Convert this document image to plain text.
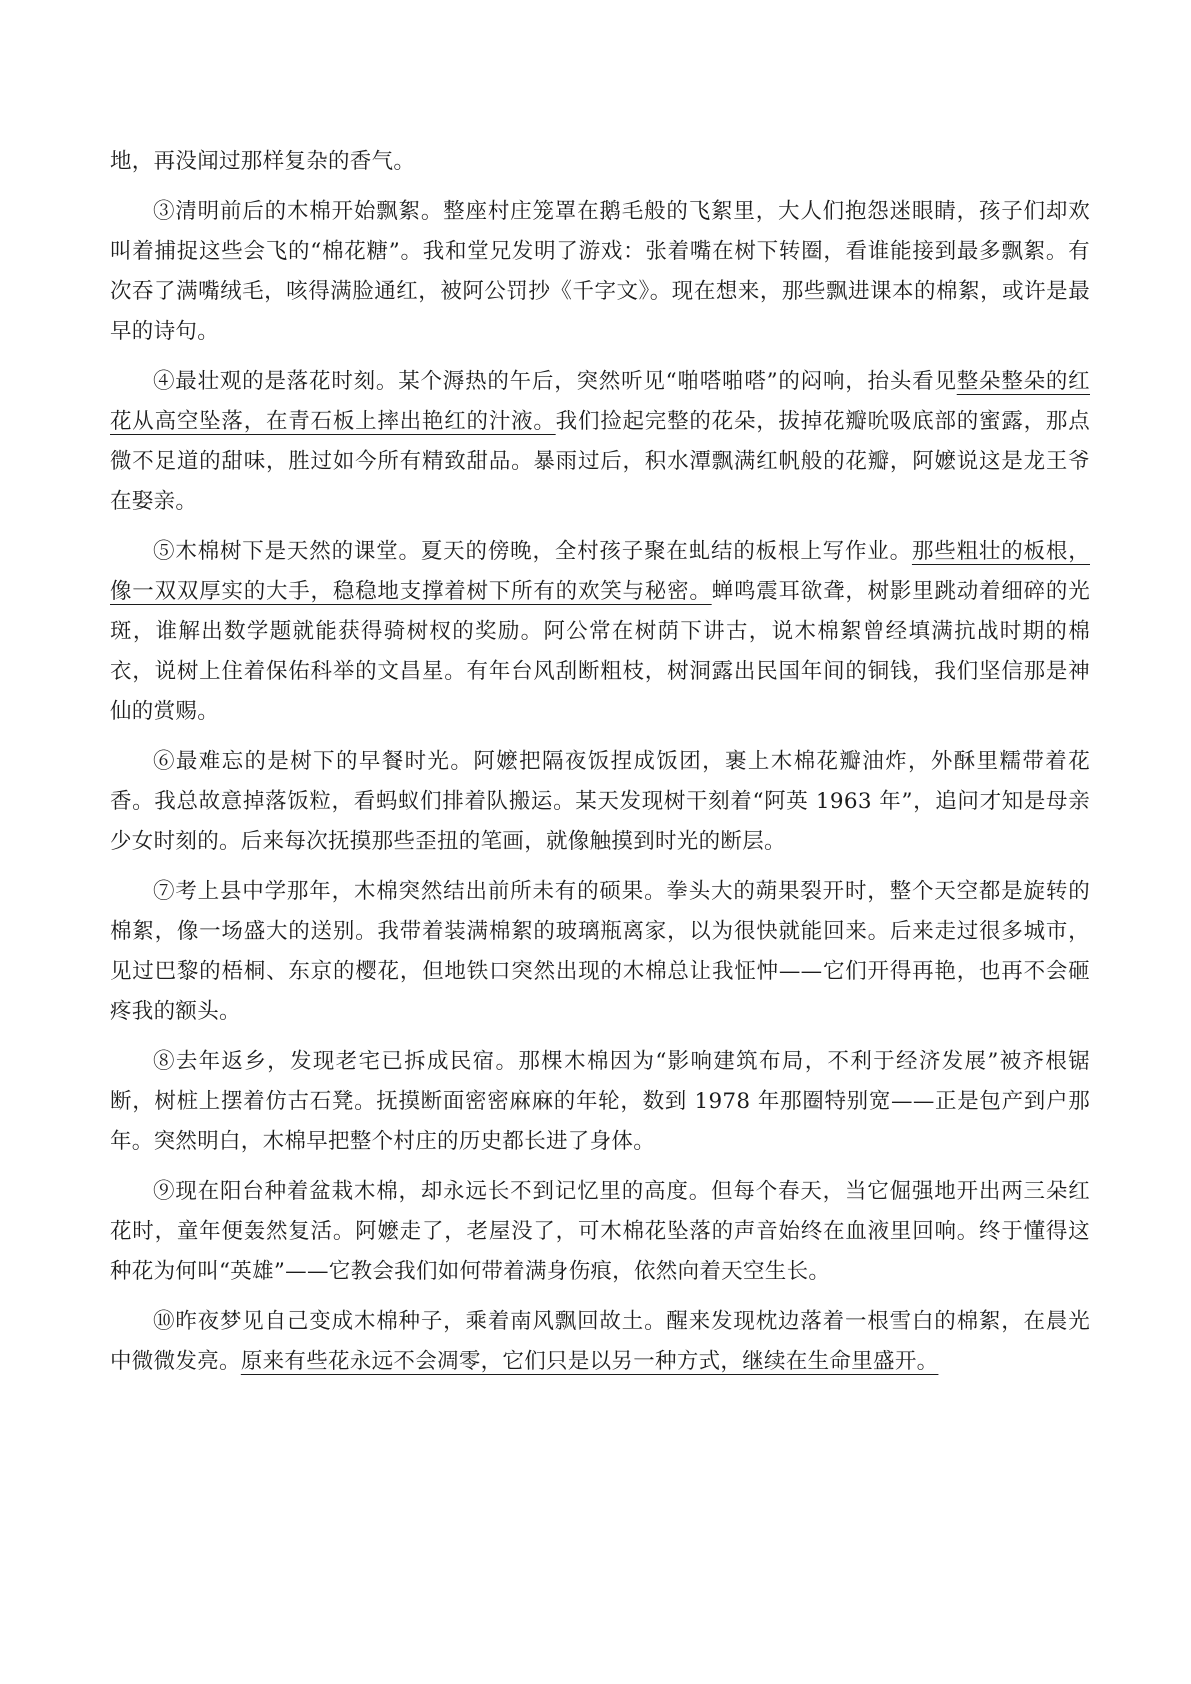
地，再没闻过那样复杂的香气。

③清明前后的木棉开始飘絮。整座村庄笼罩在鹅毛般的飞絮里，大人们抱怨迷眼睛，孩子们却欢叫着捕捉这些会飞的“棉花糖”。我和堂兄发明了游戏：张着嘴在树下转圈，看谁能接到最多飘絮。有次吞了满嘴绒毛，咳得满脸通红，被阿公罚抄《千字文》。现在想来，那些飘进课本的棉絮，或许是最早的诗句。

④最壮观的是落花时刻。某个溽热的午后，突然听见“啪嗒啪嗒”的闷响，抬头看见整朵整朵的红花从高空坠落，在青石板上摔出艳红的汁液。我们捡起完整的花朵，拔掉花瓣吮吸底部的蜜露，那点微不足道的甜味，胜过如今所有精致甜品。暴雨过后，积水潭飘满红帆般的花瓣，阿嬷说这是龙王爷在娶亲。

⑤木棉树下是天然的课堂。夏天的傍晚，全村孩子聚在虬结的板根上写作业。那些粗壮的板根，像一双双厚实的大手，稳稳地支撑着树下所有的欢笑与秘密。蝉鸣震耳欲聋，树影里跳动着细碎的光斑，谁解出数学题就能获得骑树杈的奖励。阿公常在树荫下讲古，说木棉絮曾经填满抗战时期的棉衣，说树上住着保佑科举的文昌星。有年台风刮断粗枝，树洞露出民国年间的铜钱，我们坚信那是神仙的赏赐。

⑥最难忘的是树下的早餐时光。阿嬷把隔夜饭捏成饭团，裹上木棉花瓣油炸，外酥里糯带着花香。我总故意掉落饭粒，看蚂蚁们排着队搬运。某天发现树干刻着“阿英 1963 年”，追问才知是母亲少女时刻的。后来每次抚摸那些歪扭的笔画，就像触摸到时光的断层。

⑦考上县中学那年，木棉突然结出前所未有的硕果。拳头大的蒴果裂开时，整个天空都是旋转的棉絮，像一场盛大的送别。我带着装满棉絮的玻璃瓶离家，以为很快就能回来。后来走过很多城市，见过巴黎的梧桐、东京的樱花，但地铁口突然出现的木棉总让我怔忡——它们开得再艳，也再不会砸疼我的额头。

⑧去年返乡，发现老宅已拆成民宿。那棵木棉因为“影响建筑布局，不利于经济发展”被齐根锯断，树桩上摆着仿古石凳。抚摸断面密密麻麻的年轮，数到 1978 年那圈特别宽——正是包产到户那年。突然明白，木棉早把整个村庄的历史都长进了身体。

⑨现在阳台种着盆栽木棉，却永远长不到记忆里的高度。但每个春天，当它倔强地开出两三朵红花时，童年便轰然复活。阿嬷走了，老屋没了，可木棉花坠落的声音始终在血液里回响。终于懂得这种花为何叫“英雄”——它教会我们如何带着满身伤痕，依然向着天空生长。

⑩昨夜梦见自己变成木棉种子，乘着南风飘回故土。醒来发现枕边落着一根雪白的棉絮，在晨光中微微发亮。原来有些花永远不会凋零，它们只是以另一种方式，继续在生命里盛开。
